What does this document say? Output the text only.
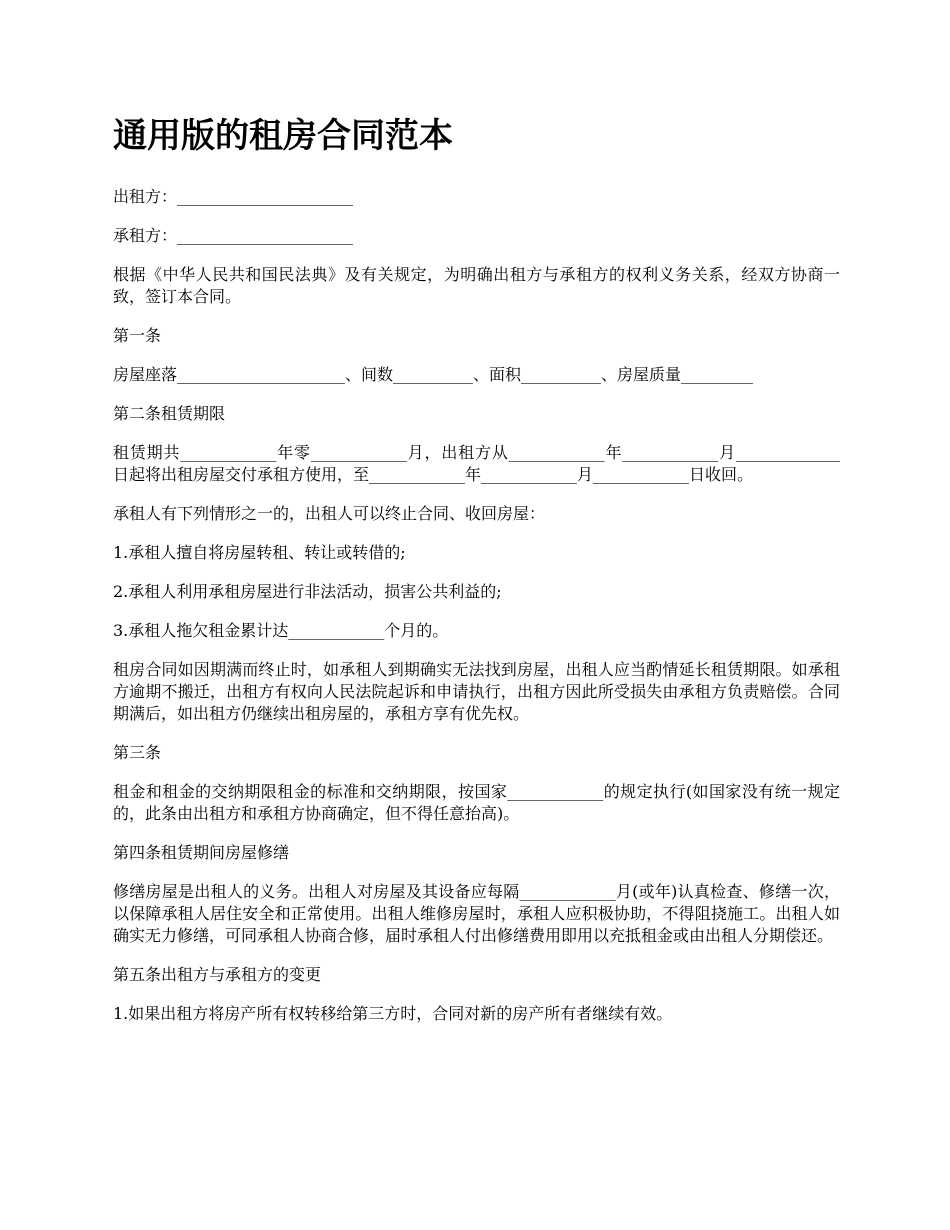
通用版的租房合同范本

出租方：______________________

承租方：______________________

根据《中华人民共和国民法典》及有关规定，为明确出租方与承租方的权利义务关系，经双方协商一致，签订本合同。

第一条

房屋座落_____________________、间数__________、面积__________、房屋质量_________

第二条租赁期限

租赁期共____________年零____________月，出租方从____________年____________月_____________日起将出租房屋交付承租方使用，至____________年____________月____________日收回。

承租人有下列情形之一的，出租人可以终止合同、收回房屋：

1.承租人擅自将房屋转租、转让或转借的;

2.承租人利用承租房屋进行非法活动，损害公共利益的;

3.承租人拖欠租金累计达____________个月的。

租房合同如因期满而终止时，如承租人到期确实无法找到房屋，出租人应当酌情延长租赁期限。如承租方逾期不搬迁，出租方有权向人民法院起诉和申请执行，出租方因此所受损失由承租方负责赔偿。合同期满后，如出租方仍继续出租房屋的，承租方享有优先权。

第三条

租金和租金的交纳期限租金的标准和交纳期限，按国家____________的规定执行(如国家没有统一规定的，此条由出租方和承租方协商确定，但不得任意抬高)。

第四条租赁期间房屋修缮

修缮房屋是出租人的义务。出租人对房屋及其设备应每隔____________月(或年)认真检查、修缮一次，以保障承租人居住安全和正常使用。出租人维修房屋时，承租人应积极协助，不得阻挠施工。出租人如确实无力修缮，可同承租人协商合修，届时承租人付出修缮费用即用以充抵租金或由出租人分期偿还。

第五条出租方与承租方的变更

1.如果出租方将房产所有权转移给第三方时，合同对新的房产所有者继续有效。
